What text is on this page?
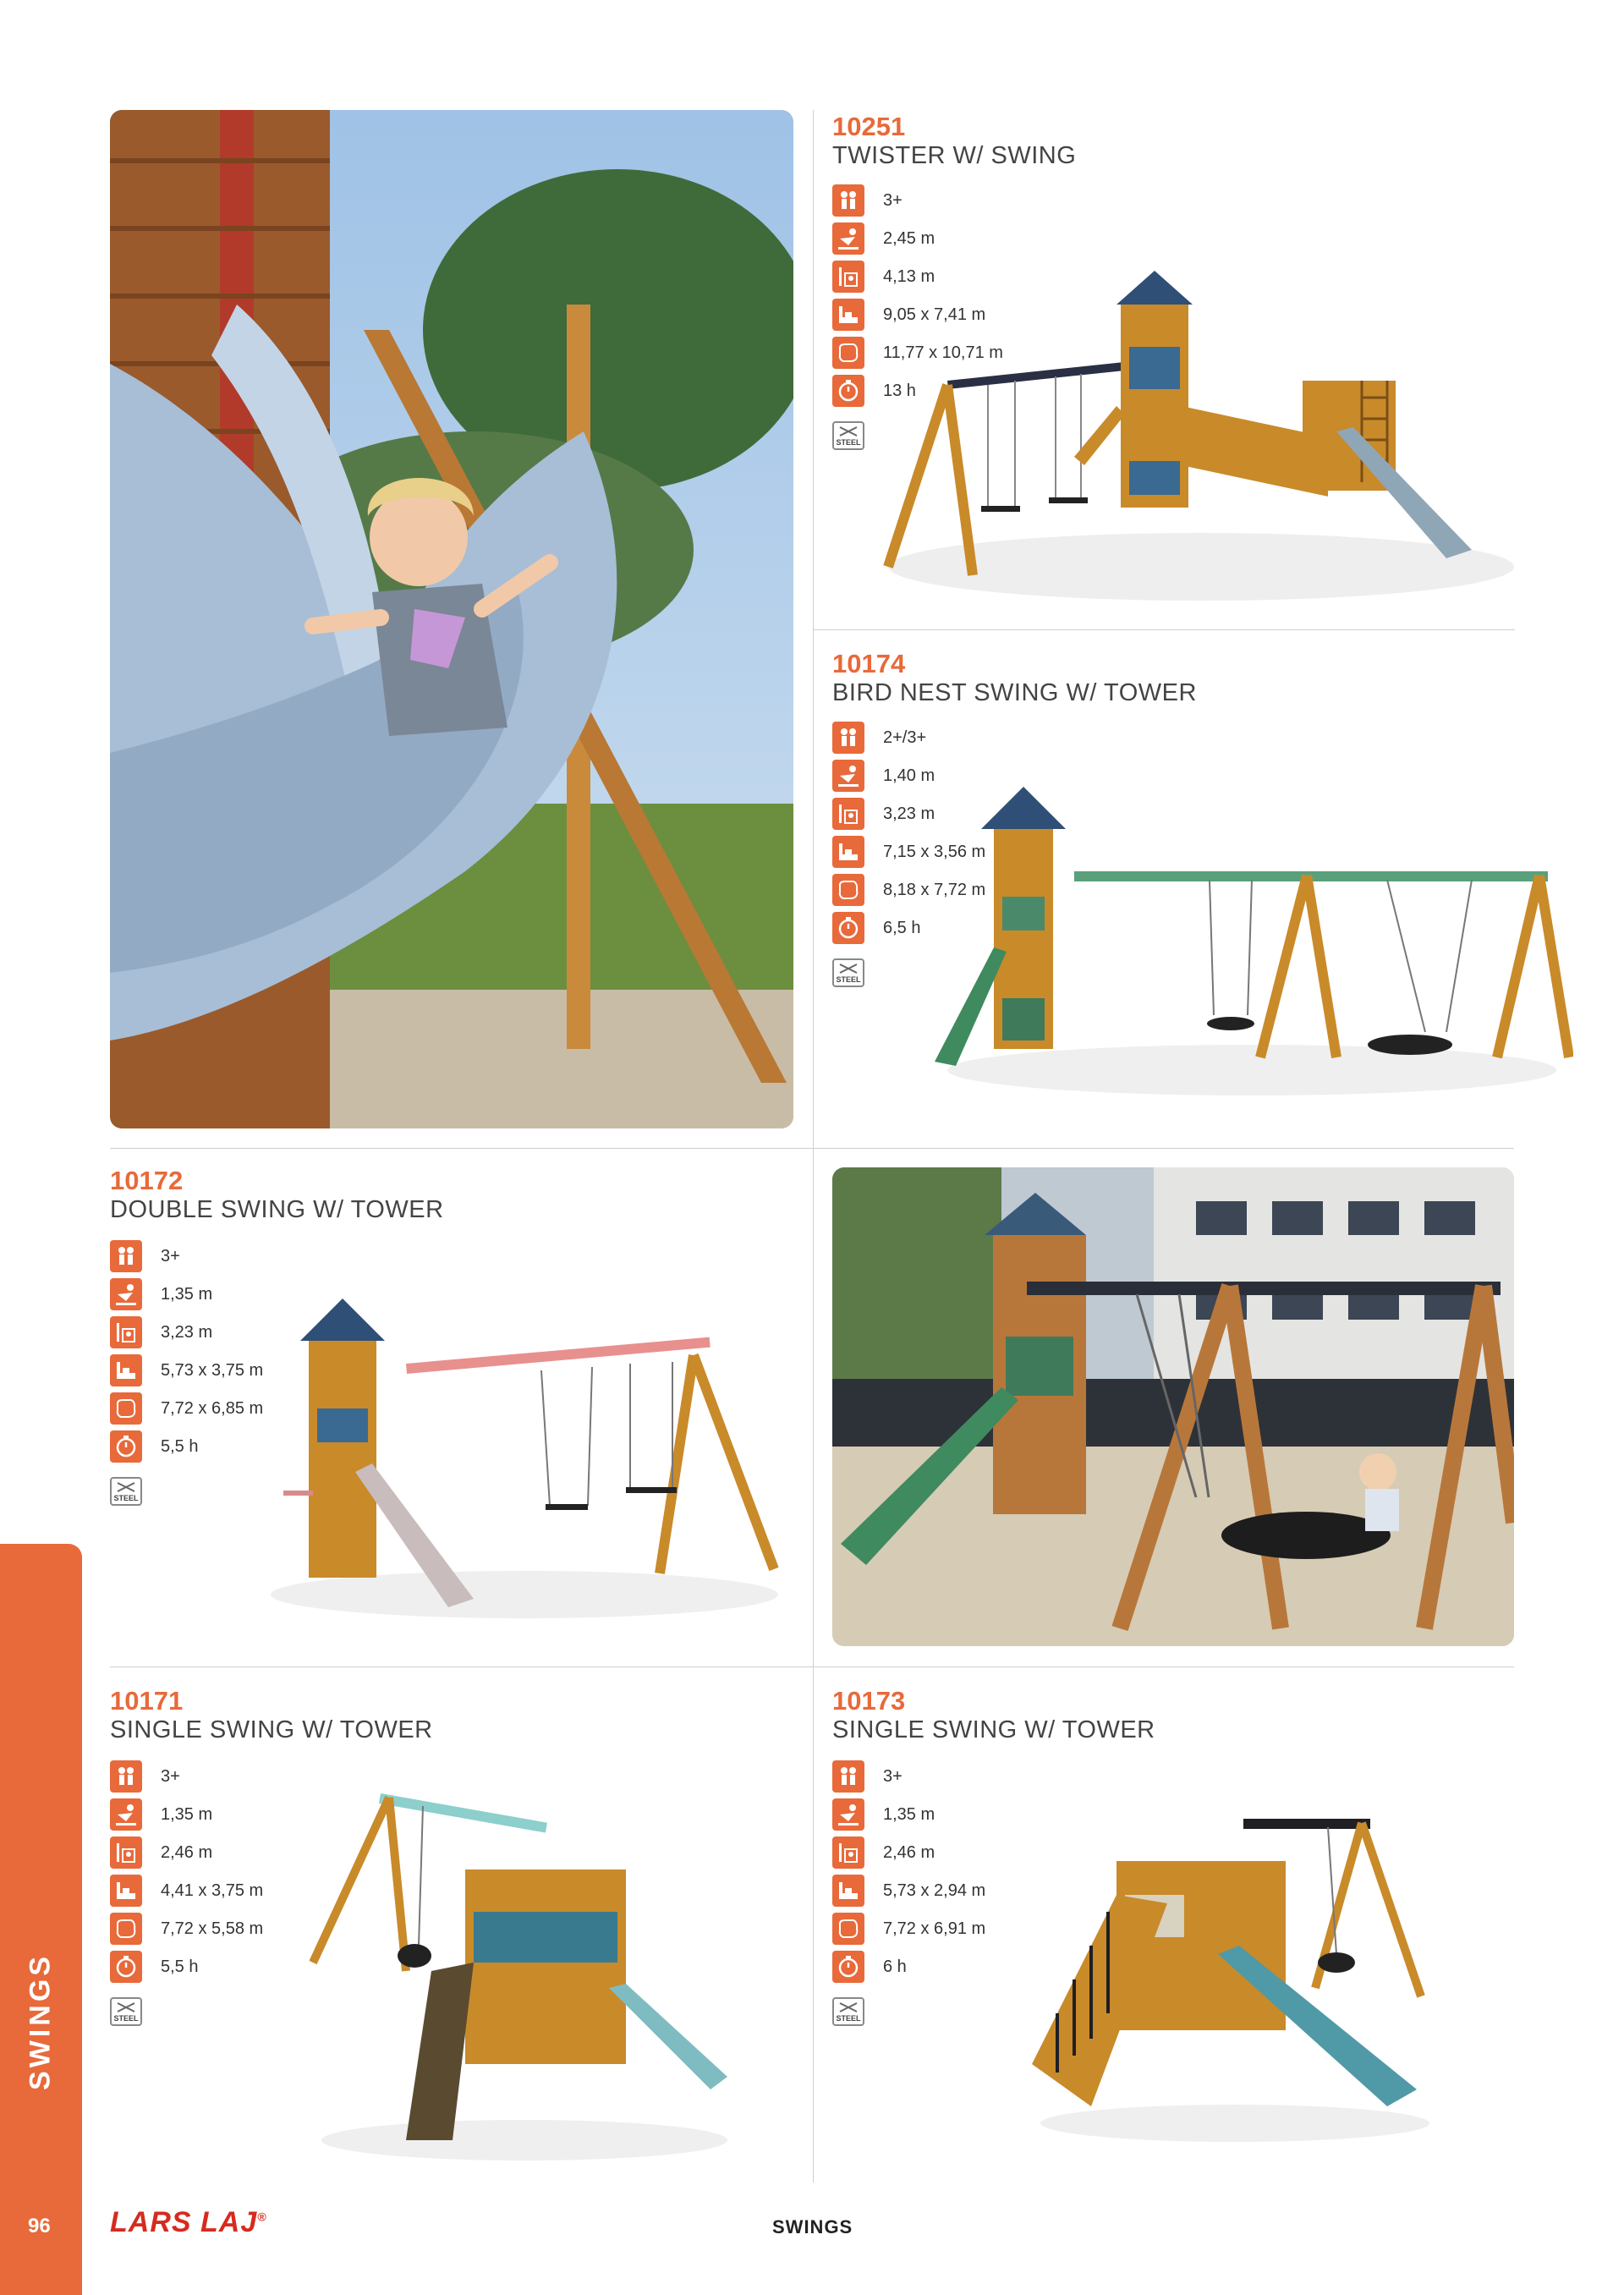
SWINGS
96 LARS LAJ®	SWINGS
10251
TWISTER W/ SWING
3+
2,45 m
4,13 m
9,05 x 7,41 m
11,77 x 10,71 m
13 h
STEEL
10174
BIRD NEST SWING W/ TOWER
2+/3+
1,40 m
3,23 m
7,15 x 3,56 m
8,18 x 7,72 m
6,5 h
STEEL
10172
DOUBLE SWING W/ TOWER
3+
1,35 m
3,23 m
5,73 x 3,75 m
7,72 x 6,85 m
5,5 h
STEEL
10171
SINGLE SWING W/ TOWER
3+
1,35 m
2,46 m
4,41 x 3,75 m
7,72 x 5,58 m
5,5 h
STEEL
10173
SINGLE SWING W/ TOWER
3+
1,35 m
2,46 m
5,73 x 2,94 m
7,72 x 6,91 m
6 h
STEEL
